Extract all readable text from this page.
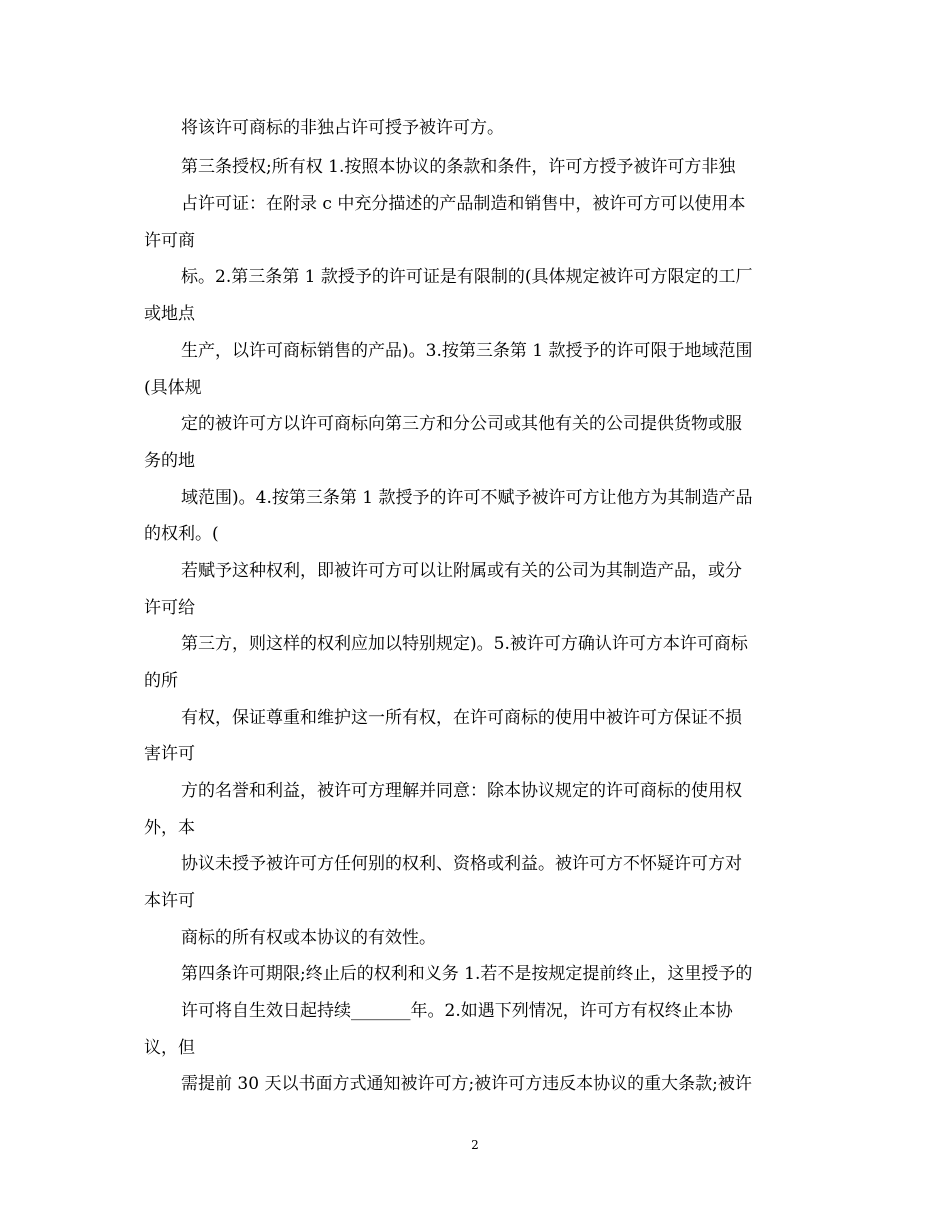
将该许可商标的非独占许可授予被许可方。
第三条授权;所有权 1.按照本协议的条款和条件，许可方授予被许可方非独
占许可证：在附录 c 中充分描述的产品制造和销售中，被许可方可以使用本
许可商
标。2.第三条第 1 款授予的许可证是有限制的(具体规定被许可方限定的工厂
或地点
生产，以许可商标销售的产品)。3.按第三条第 1 款授予的许可限于地域范围
(具体规
定的被许可方以许可商标向第三方和分公司或其他有关的公司提供货物或服
务的地
域范围)。4.按第三条第 1 款授予的许可不赋予被许可方让他方为其制造产品
的权利。(
若赋予这种权利，即被许可方可以让附属或有关的公司为其制造产品，或分
许可给
第三方，则这样的权利应加以特别规定)。5.被许可方确认许可方本许可商标
的所
有权，保证尊重和维护这一所有权，在许可商标的使用中被许可方保证不损
害许可
方的名誉和利益，被许可方理解并同意：除本协议规定的许可商标的使用权
外，本
协议未授予被许可方任何别的权利、资格或利益。被许可方不怀疑许可方对
本许可
商标的所有权或本协议的有效性。
第四条许可期限;终止后的权利和义务 1.若不是按规定提前终止，这里授予的
许可将自生效日起持续_______年。2.如遇下列情况，许可方有权终止本协
议，但
需提前 30 天以书面方式通知被许可方;被许可方违反本协议的重大条款;被许
2
